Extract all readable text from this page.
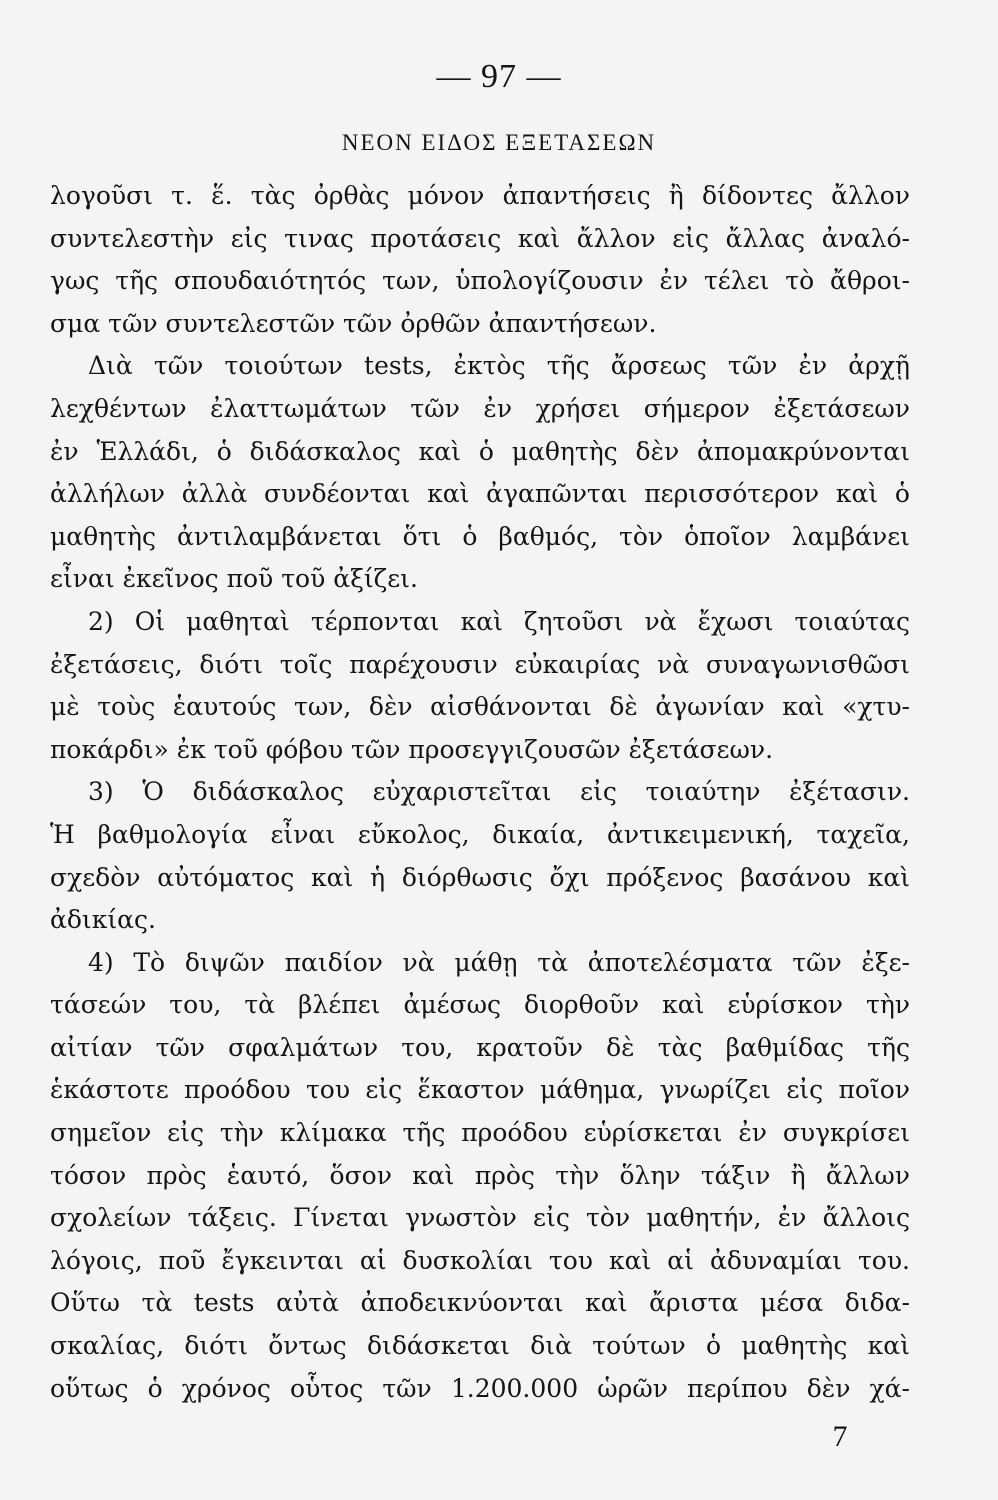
— 97 —
ΝΕΟΝ ΕΙΔΟΣ ΕΞΕΤΑΣΕΩΝ
λογοῦσι τ. ἕ. τὰς ὀρθὰς μόνον ἀπαντήσεις ἢ δίδοντες ἄλλον
συντελεστὴν εἰς τινας προτάσεις καὶ ἄλλον εἰς ἄλλας ἀναλό-
γως τῆς σπουδαιότητός των, ὑπολογίζουσιν ἐν τέλει τὸ ἄθροι-
σμα τῶν συντελεστῶν τῶν ὀρθῶν ἀπαντήσεων.
Διὰ τῶν τοιούτων tests, ἐκτὸς τῆς ἄρσεως τῶν ἐν ἀρχῇ
λεχθέντων ἐλαττωμάτων τῶν ἐν χρήσει σήμερον ἐξετάσεων
ἐν Ἑλλάδι, ὁ διδάσκαλος καὶ ὁ μαθητὴς δὲν ἀπομακρύνονται
ἀλλήλων ἀλλὰ συνδέονται καὶ ἀγαπῶνται περισσότερον καὶ ὁ
μαθητὴς ἀντιλαμβάνεται ὅτι ὁ βαθμός, τὸν ὁποῖον λαμβάνει
εἶναι ἐκεῖνος ποῦ τοῦ ἀξίζει.
2) Οἱ μαθηταὶ τέρπονται καὶ ζητοῦσι νὰ ἔχωσι τοιαύτας
ἐξετάσεις, διότι τοῖς παρέχουσιν εὐκαιρίας νὰ συναγωνισθῶσι
μὲ τοὺς ἑαυτούς των, δὲν αἰσθάνονται δὲ ἀγωνίαν καὶ «χτυ-
ποκάρδι» ἐκ τοῦ φόβου τῶν προσεγγιζουσῶν ἐξετάσεων.
3) Ὁ διδάσκαλος εὐχαριστεῖται εἰς τοιαύτην ἐξέτασιν.
Ἡ βαθμολογία εἶναι εὔκολος, δικαία, ἀντικειμενική, ταχεῖα,
σχεδὸν αὐτόματος καὶ ἡ διόρθωσις ὄχι πρόξενος βασάνου καὶ
ἀδικίας.
4) Τὸ διψῶν παιδίον νὰ μάθῃ τὰ ἀποτελέσματα τῶν ἐξε-
τάσεών του, τὰ βλέπει ἀμέσως διορθοῦν καὶ εὑρίσκον τὴν
αἰτίαν τῶν σφαλμάτων του, κρατοῦν δὲ τὰς βαθμίδας τῆς
ἑκάστοτε προόδου του εἰς ἕκαστον μάθημα, γνωρίζει εἰς ποῖον
σημεῖον εἰς τὴν κλίμακα τῆς προόδου εὑρίσκεται ἐν συγκρίσει
τόσον πρὸς ἑαυτό, ὅσον καὶ πρὸς τὴν ὅλην τάξιν ἢ ἄλλων
σχολείων τάξεις. Γίνεται γνωστὸν εἰς τὸν μαθητήν, ἐν ἄλλοις
λόγοις, ποῦ ἔγκεινται αἱ δυσκολίαι του καὶ αἱ ἀδυναμίαι του.
Οὕτω τὰ tests αὐτὰ ἀποδεικνύονται καὶ ἄριστα μέσα διδα-
σκαλίας, διότι ὄντως διδάσκεται διὰ τούτων ὁ μαθητὴς καὶ
οὕτως ὁ χρόνος οὗτος τῶν 1.200.000 ὡρῶν περίπου δὲν χά-
7
